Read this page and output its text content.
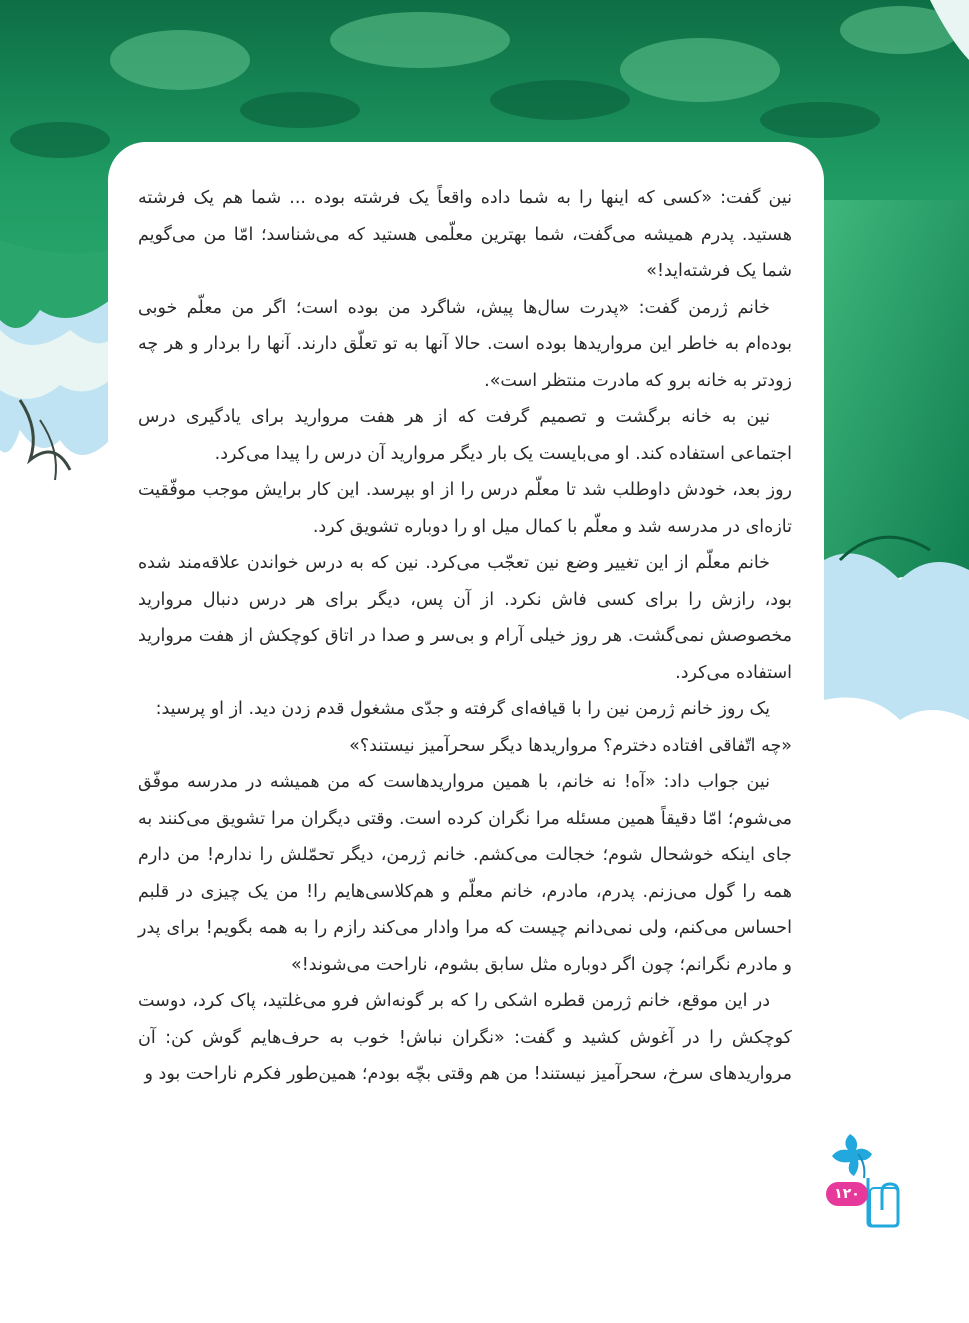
نین گفت: «کسی که اینها را به شما داده واقعاً یک فرشته بوده ... شما هم یک فرشته هستید. پدرم همیشه می‌گفت، شما بهترین معلّمی هستید که می‌شناسد؛ امّا من می‌گویم شما یک فرشته‌اید!»

خانم ژرمن گفت: «پدرت سال‌ها پیش، شاگرد من بوده است؛ اگر من معلّم خوبی بوده‌ام به خاطر این مرواریدها بوده است. حالا آنها به تو تعلّق دارند. آنها را بردار و هر چه زودتر به خانه برو که مادرت منتظر است».

نین به خانه برگشت و تصمیم گرفت که از هر هفت مروارید برای یادگیری درس اجتماعی استفاده کند. او می‌بایست یک بار دیگر مروارید آن درس را پیدا می‌کرد.

روز بعد، خودش داوطلب شد تا معلّم درس را از او بپرسد. این کار برایش موجب موفّقیت تازه‌ای در مدرسه شد و معلّم با کمال میل او را دوباره تشویق کرد.

خانم معلّم از این تغییر وضع نین تعجّب می‌کرد. نین که به درس خواندن علاقه‌مند شده بود، رازش را برای کسی فاش نکرد. از آن پس، دیگر برای هر درس دنبال مروارید مخصوصش نمی‌گشت. هر روز خیلی آرام و بی‌سر و صدا در اتاق کوچکش از هفت مروارید استفاده می‌کرد.

یک روز خانم ژرمن نین را با قیافه‌ای گرفته و جدّی مشغول قدم زدن دید. از او پرسید:

«چه اتّفاقی افتاده دخترم؟ مرواریدها دیگر سحرآمیز نیستند؟»

نین جواب داد: «آه! نه خانم، با همین مرواریدهاست که من همیشه در مدرسه موفّق می‌شوم؛ امّا دقیقاً همین مسئله مرا نگران کرده است. وقتی دیگران مرا تشویق می‌کنند به جای اینکه خوشحال شوم؛ خجالت می‌کشم. خانم ژرمن، دیگر تحمّلش را ندارم! من دارم همه را گول می‌زنم. پدرم، مادرم، خانم معلّم و هم‌کلاسی‌هایم را! من یک چیزی در قلبم احساس می‌کنم، ولی نمی‌دانم چیست که مرا وادار می‌کند رازم را به همه بگویم! برای پدر و مادرم نگرانم؛ چون اگر دوباره مثل سابق بشوم، ناراحت می‌شوند!»

در این موقع، خانم ژرمن قطره اشکی را که بر گونه‌اش فرو می‌غلتید، پاک کرد، دوست کوچکش را در آغوش کشید و گفت: «نگران نباش! خوب به حرف‌هایم گوش کن: آن مرواریدهای سرخ، سحرآمیز نیستند! من هم وقتی بچّه بودم؛ همین‌طور فکرم ناراحت بود و

۱۲۰
